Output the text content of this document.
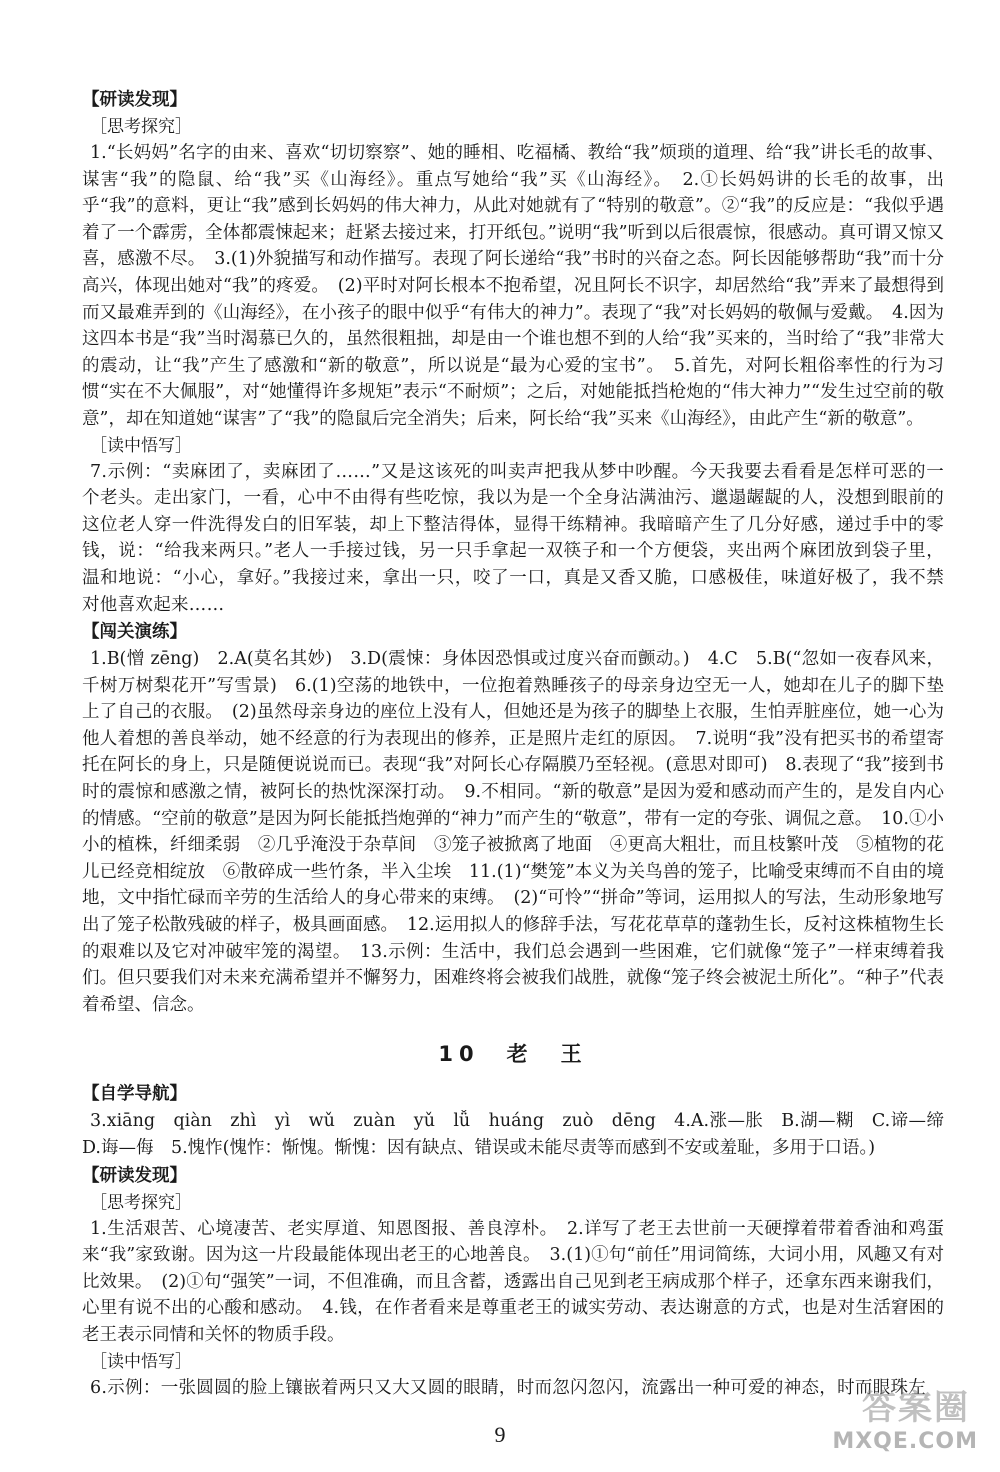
【研读发现】
［思考探究］

1.“长妈妈”名字的由来、喜欢“切切察察”、她的睡相、吃福橘、教给“我”烦琐的道理、给“我”讲长毛的故事、谋害“我”的隐鼠、给“我”买《山海经》。重点写她给“我”买《山海经》。　2.①长妈妈讲的长毛的故事，出乎“我”的意料，更让“我”感到长妈妈的伟大神力，从此对她就有了“特别的敬意”。②“我”的反应是：“我似乎遇着了一个霹雳，全体都震悚起来；赶紧去接过来，打开纸包。”说明“我”听到以后很震惊，很感动。真可谓又惊又喜，感激不尽。　3.(1)外貌描写和动作描写。表现了阿长递给“我”书时的兴奋之态。阿长因能够帮助“我”而十分高兴，体现出她对“我”的疼爱。　(2)平时对阿长根本不抱希望，况且阿长不识字，却居然给“我”弄来了最想得到而又最难弄到的《山海经》，在小孩子的眼中似乎“有伟大的神力”。表现了“我”对长妈妈的敬佩与爱戴。　4.因为这四本书是“我”当时渴慕已久的，虽然很粗拙，却是由一个谁也想不到的人给“我”买来的，当时给了“我”非常大的震动，让“我”产生了感激和“新的敬意”，所以说是“最为心爱的宝书”。　5.首先，对阿长粗俗率性的行为习惯“实在不大佩服”，对“她懂得许多规矩”表示“不耐烦”；之后，对她能抵挡枪炮的“伟大神力”“发生过空前的敬意”，却在知道她“谋害”了“我”的隐鼠后完全消失；后来，阿长给“我”买来《山海经》，由此产生“新的敬意”。

［读中悟写］

7.示例：“卖麻团了，卖麻团了……”又是这该死的叫卖声把我从梦中吵醒。今天我要去看看是怎样可恶的一个老头。走出家门，一看，心中不由得有些吃惊，我以为是一个全身沾满油污、邋遢龌龊的人，没想到眼前的这位老人穿一件洗得发白的旧军装，却上下整洁得体，显得干练精神。我暗暗产生了几分好感，递过手中的零钱，说：“给我来两只。”老人一手接过钱，另一只手拿起一双筷子和一个方便袋，夹出两个麻团放到袋子里，温和地说：“小心，拿好。”我接过来，拿出一只，咬了一口，真是又香又脆，口感极佳，味道好极了，我不禁对他喜欢起来……

【闯关演练】

1.B(憎 zēng)　2.A(莫名其妙)　3.D(震悚：身体因恐惧或过度兴奋而颤动。)　4.C　5.B(“忽如一夜春风来，千树万树梨花开”写雪景)　6.(1)空荡的地铁中，一位抱着熟睡孩子的母亲身边空无一人，她却在儿子的脚下垫上了自己的衣服。　(2)虽然母亲身边的座位上没有人，但她还是为孩子的脚垫上衣服，生怕弄脏座位，她一心为他人着想的善良举动，她不经意的行为表现出的修养，正是照片走红的原因。　7.说明“我”没有把买书的希望寄托在阿长的身上，只是随便说说而已。表现“我”对阿长心存隔膜乃至轻视。(意思对即可)　8.表现了“我”接到书时的震惊和感激之情，被阿长的热忱深深打动。　9.不相同。“新的敬意”是因为爱和感动而产生的，是发自内心的情感。“空前的敬意”是因为阿长能抵挡炮弹的“神力”而产生的“敬意”，带有一定的夸张、调侃之意。　10.①小小的植株，纤细柔弱　②几乎淹没于杂草间　③笼子被掀离了地面　④更高大粗壮，而且枝繁叶茂　⑤植物的花儿已经竞相绽放　⑥散碎成一些竹条，半入尘埃　11.(1)“樊笼”本义为关鸟兽的笼子，比喻受束缚而不自由的境地，文中指忙碌而辛劳的生活给人的身心带来的束缚。　(2)“可怜”“拼命”等词，运用拟人的写法，生动形象地写出了笼子松散残破的样子，极具画面感。　12.运用拟人的修辞手法，写花花草草的蓬勃生长，反衬这株植物生长的艰难以及它对冲破牢笼的渴望。　13.示例：生活中，我们总会遇到一些困难，它们就像“笼子”一样束缚着我们。但只要我们对未来充满希望并不懈努力，困难终将会被我们战胜，就像“笼子终会被泥土所化”。“种子”代表着希望、信念。

10　老　王
【自学导航】

3.xiāng　qiàn　zhì　yì　wǔ　zuàn　yǔ　lǚ　huáng　zuò　dēng　4.A.涨—胀　B.湖—糊　C.谛—缔　D.诲—侮　5.愧怍(愧怍：惭愧。惭愧：因有缺点、错误或未能尽责等而感到不安或羞耻，多用于口语。)

【研读发现】
［思考探究］

1.生活艰苦、心境凄苦、老实厚道、知恩图报、善良淳朴。　2.详写了老王去世前一天硬撑着带着香油和鸡蛋来“我”家致谢。因为这一片段最能体现出老王的心地善良。　3.(1)①句“前任”用词简练，大词小用，风趣又有对比效果。　(2)①句“强笑”一词，不但准确，而且含蓄，透露出自己见到老王病成那个样子，还拿东西来谢我们，心里有说不出的心酸和感动。　4.钱，在作者看来是尊重老王的诚实劳动、表达谢意的方式，也是对生活窘困的老王表示同情和关怀的物质手段。

［读中悟写］

6.示例：一张圆圆的脸上镶嵌着两只又大又圆的眼睛，时而忽闪忽闪，流露出一种可爱的神态，时而眼珠左

9
答案圈
MXQE.COM
